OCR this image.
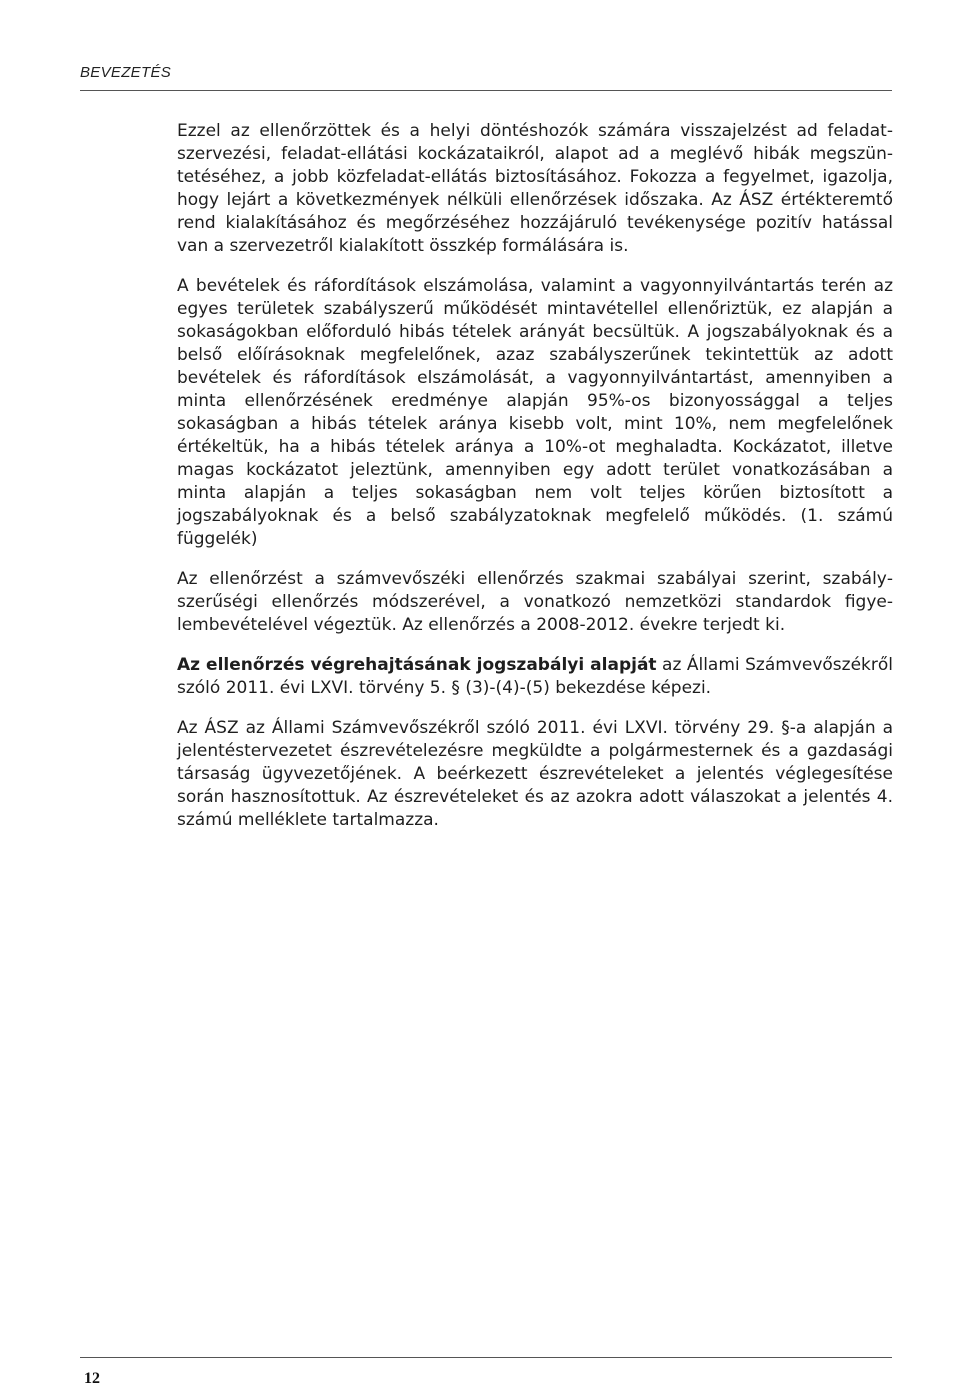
BEVEZETÉS

Ezzel az ellenőrzöttek és a helyi döntéshozók számára visszajelzést ad feladatszervezési, feladat-ellátási kockázataikról, alapot ad a meglévő hibák megszüntetéséhez, a jobb közfeladat-ellátás biztosításához. Fokozza a fegyelmet, igazolja, hogy lejárt a következmények nélküli ellenőrzések időszaka. Az ÁSZ értékteremtő rend kialakításához és megőrzéséhez hozzájáruló tevékenysége pozitív hatással van a szervezetről kialakított összkép formálására is.

A bevételek és ráfordítások elszámolása, valamint a vagyonnyilvántartás terén az egyes területek szabályszerű működését mintavétellel ellenőriztük, ez alapján a sokaságokban előforduló hibás tételek arányát becsültük. A jogszabályoknak és a belső előírásoknak megfelelőnek, azaz szabályszerűnek tekintettük az adott bevételek és ráfordítások elszámolását, a vagyonnyilvántartást, amennyiben a minta ellenőrzésének eredménye alapján 95%-os bizonyossággal a teljes sokaságban a hibás tételek aránya kisebb volt, mint 10%, nem megfelelőnek értékeltük, ha a hibás tételek aránya a 10%-ot meghaladta. Kockázatot, illetve magas kockázatot jeleztünk, amennyiben egy adott terület vonatkozásában a minta alapján a teljes sokaságban nem volt teljes körűen biztosított a jogszabályoknak és a belső szabályzatoknak megfelelő működés. (1. számú függelék)

Az ellenőrzést a számvevőszéki ellenőrzés szakmai szabályai szerint, szabályszerűségi ellenőrzés módszerével, a vonatkozó nemzetközi standardok figyelembevételével végeztük. Az ellenőrzés a 2008-2012. évekre terjedt ki.

Az ellenőrzés végrehajtásának jogszabályi alapját az Állami Számvevőszékről szóló 2011. évi LXVI. törvény 5. § (3)-(4)-(5) bekezdése képezi.

Az ÁSZ az Állami Számvevőszékről szóló 2011. évi LXVI. törvény 29. §-a alapján a jelentéstervezetet észrevételezésre megküldte a polgármesternek és a gazdasági társaság ügyvezetőjének. A beérkezett észrevételeket a jelentés véglegesítése során hasznosítottuk. Az észrevételeket és az azokra adott válaszokat a jelentés 4. számú melléklete tartalmazza.

12
